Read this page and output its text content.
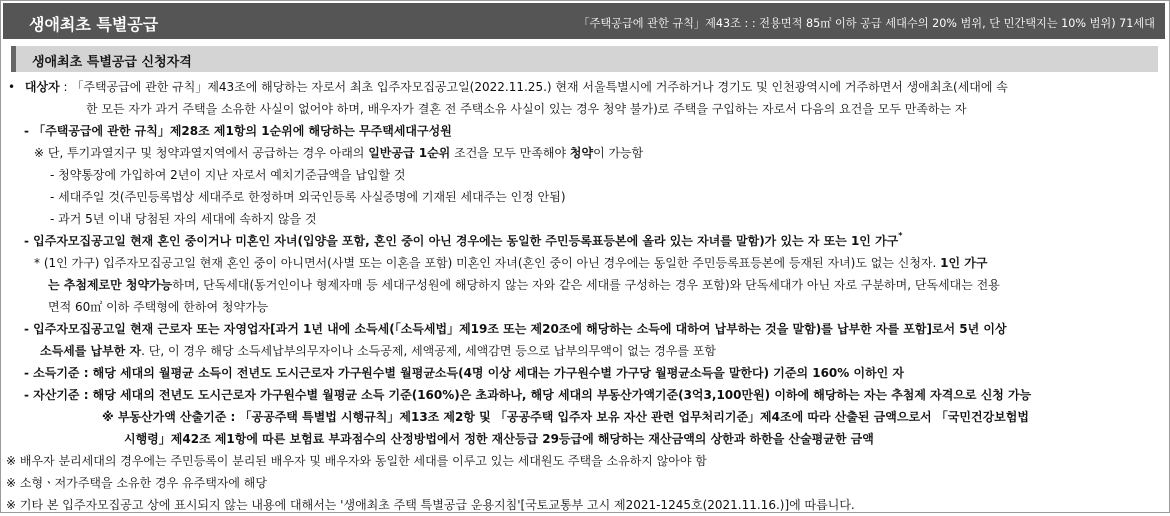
생애최초 특별공급	「주택공급에 관한 규칙」제43조 : : 전용면적 85㎡ 이하 공급 세대수의 20% 범위, 단 민간택지는 10% 범위) 71세대
생애최초 특별공급 신청자격
• 대상자 : 「주택공급에 관한 규칙」제43조에 해당하는 자로서 최초 입주자모집공고일(2022.11.25.) 현재 서울특별시에 거주하거나 경기도 및 인천광역시에 거주하면서 생애최초(세대에 속
한 모든 자가 과거 주택을 소유한 사실이 없어야 하며, 배우자가 결혼 전 주택소유 사실이 있는 경우 청약 불가)로 주택을 구입하는 자로서 다음의 요건을 모두 만족하는 자
- 「주택공급에 관한 규칙」제28조 제1항의 1순위에 해당하는 무주택세대구성원
※ 단, 투기과열지구 및 청약과열지역에서 공급하는 경우 아래의 일반공급 1순위 조건을 모두 만족해야 청약이 가능함
- 청약통장에 가입하여 2년이 지난 자로서 예치기준금액을 납입할 것
- 세대주일 것(주민등록법상 세대주로 한정하며 외국인등록 사실증명에 기재된 세대주는 인정 안됨)
- 과거 5년 이내 당첨된 자의 세대에 속하지 않을 것
- 입주자모집공고일 현재 혼인 중이거나 미혼인 자녀(입양을 포함, 혼인 중이 아닌 경우에는 동일한 주민등록표등본에 올라 있는 자녀를 말함)가 있는 자 또는 1인 가구*
* (1인 가구) 입주자모집공고일 현재 혼인 중이 아니면서(사별 또는 이혼을 포함) 미혼인 자녀(혼인 중이 아닌 경우에는 동일한 주민등록표등본에 등재된 자녀)도 없는 신청자. 1인 가구
는 추첨제로만 청약가능하며, 단독세대(동거인이나 형제자매 등 세대구성원에 해당하지 않는 자와 같은 세대를 구성하는 경우 포함)와 단독세대가 아닌 자로 구분하며, 단독세대는 전용
면적 60㎡ 이하 주택형에 한하여 청약가능
- 입주자모집공고일 현재 근로자 또는 자영업자[과거 1년 내에 소득세(「소득세법」제19조 또는 제20조에 해당하는 소득에 대하여 납부하는 것을 말함)를 납부한 자를 포함]로서 5년 이상
소득세를 납부한 자. 단, 이 경우 해당 소득세납부의무자이나 소득공제, 세액공제, 세액감면 등으로 납부의무액이 없는 경우를 포함
- 소득기준 : 해당 세대의 월평균 소득이 전년도 도시근로자 가구원수별 월평균소득(4명 이상 세대는 가구원수별 가구당 월평균소득을 말한다) 기준의 160% 이하인 자
- 자산기준 : 해당 세대의 전년도 도시근로자 가구원수별 월평균 소득 기준(160%)은 초과하나, 해당 세대의 부동산가액기준(3억3,100만원) 이하에 해당하는 자는 추첨제 자격으로 신청 가능
※ 부동산가액 산출기준 : 「공공주택 특별법 시행규칙」제13조 제2항 및 「공공주택 입주자 보유 자산 관련 업무처리기준」제4조에 따라 산출된 금액으로서 「국민건강보험법
시행령」제42조 제1항에 따른 보험료 부과점수의 산정방법에서 정한 재산등급 29등급에 해당하는 재산금액의 상한과 하한을 산술평균한 금액
※ 배우자 분리세대의 경우에는 주민등록이 분리된 배우자 및 배우자와 동일한 세대를 이루고 있는 세대원도 주택을 소유하지 않아야 함
※ 소형ㆍ저가주택을 소유한 경우 유주택자에 해당
※ 기타 본 입주자모집공고 상에 표시되지 않는 내용에 대해서는 '생애최초 주택 특별공급 운용지침'[국토교통부 고시 제2021-1245호(2021.11.16.)]에 따릅니다.
